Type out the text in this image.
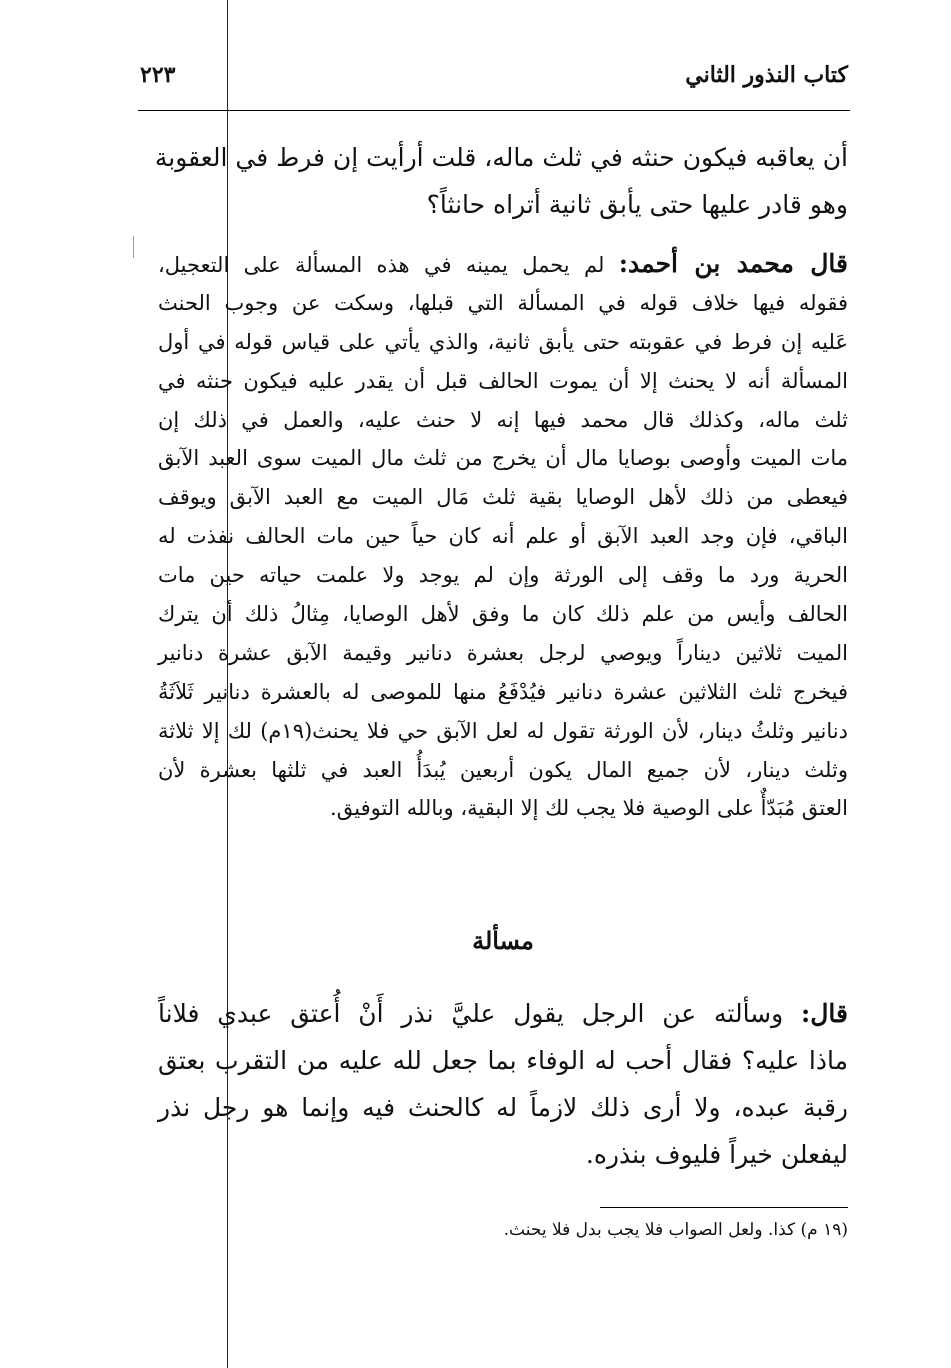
كتاب النذور الثاني
٢٢٣
أن يعاقبه فيكون حنثه في ثلث ماله، قلت أرأيت إن فرط في العقوبة
وهو قادر عليها حتى يأبق ثانية أتراه حانثاً؟
قال محمد بن أحمد: لم يحمل يمينه في هذه المسألة على التعجيل،
فقوله فيها خلاف قوله في المسألة التي قبلها، وسكت عن وجوب الحنث
عَليه إن فرط في عقوبته حتى يأبق ثانية، والذي يأتي على قياس قوله في أول
المسألة أنه لا يحنث إلا أن يموت الحالف قبل أن يقدر عليه فيكون حنثه في
ثلث ماله، وكذلك قال محمد فيها إنه لا حنث عليه، والعمل في ذلك إن
مات الميت وأوصى بوصايا مال أن يخرج من ثلث مال الميت سوى العبد الآبق
فيعطى من ذلك لأهل الوصايا بقية ثلث مَال الميت مع العبد الآبق ويوقف
الباقي، فإن وجد العبد الآبق أو علم أنه كان حياً حين مات الحالف نفذت له
الحرية ورد ما وقف إلى الورثة وإن لم يوجد ولا علمت حياته حين مات
الحالف وأيس من علم ذلك كان ما وفق لأهل الوصايا، مِثالُ ذلك أن يترك
الميت ثلاثين ديناراً ويوصي لرجل بعشرة دنانير وقيمة الآبق عشرة دنانير
فيخرج ثلث الثلاثين عشرة دنانير فيُدْفَعُ منها للموصى له بالعشرة دنانير ثَلاَثَةُ
دنانير وثلثُ دينار، لأن الورثة تقول له لعل الآبق حي فلا يحنث(١٩م) لك إلا ثلاثة
وثلث دينار، لأن جميع المال يكون أربعين يُبدَأُ العبد في ثلثها بعشرة لأن
العتق مُبَدّأٌ على الوصية فلا يجب لك إلا البقية، وبالله التوفيق.
مسألة
قال: وسألته عن الرجل يقول عليَّ نذر أَنْ أُعتق عبدي فلاناً
ماذا عليه؟ فقال أحب له الوفاء بما جعل لله عليه من التقرب بعتق
رقبة عبده، ولا أرى ذلك لازماً له كالحنث فيه وإنما هو رجل نذر
ليفعلن خيراً فليوف بنذره.
(١٩ م) كذا. ولعل الصواب فلا يجب بدل فلا يحنث.
